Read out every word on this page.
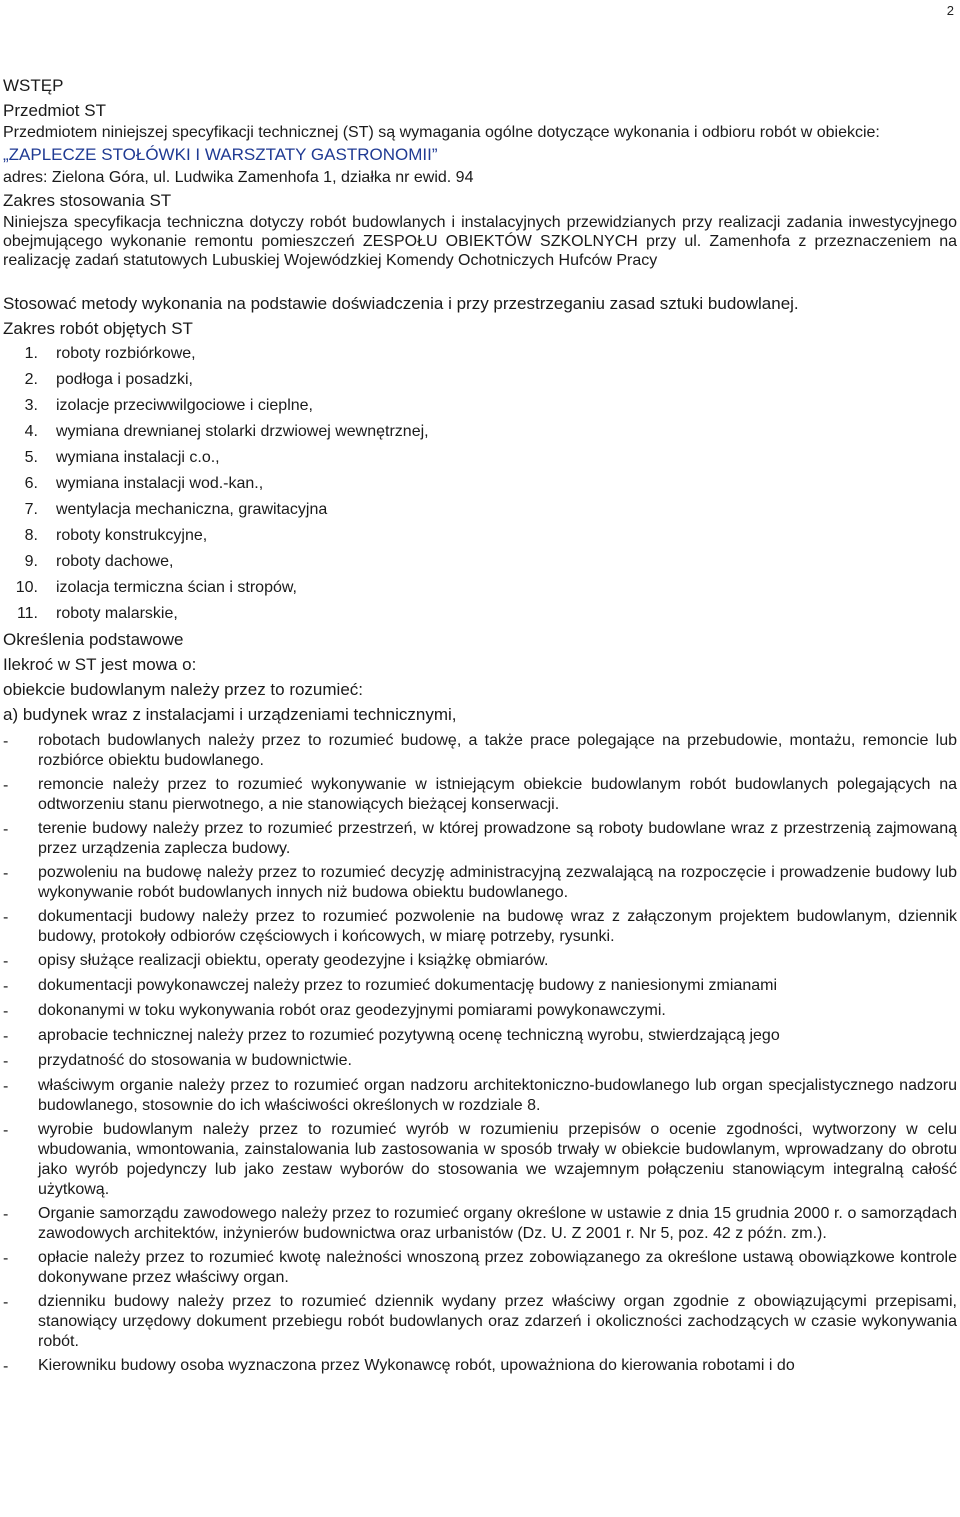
2

WSTĘP

Przedmiot ST

Przedmiotem niniejszej specyfikacji technicznej (ST) są wymagania ogólne dotyczące wykonania i odbioru robót w obiekcie:

„ZAPLECZE STOŁÓWKI I WARSZTATY GASTRONOMII”

adres: Zielona Góra, ul. Ludwika Zamenhofa 1, działka nr ewid. 94

Zakres stosowania ST

Niniejsza specyfikacja techniczna dotyczy robót budowlanych i instalacyjnych przewidzianych przy realizacji zadania inwestycyjnego obejmującego wykonanie remontu pomieszczeń ZESPOŁU OBIEKTÓW SZKOLNYCH przy ul. Zamenhofa z przeznaczeniem na realizację zadań statutowych Lubuskiej Wojewódzkiej Komendy Ochotniczych Hufców Pracy

Stosować metody wykonania na podstawie doświadczenia i przy przestrzeganiu zasad sztuki budowlanej.

Zakres robót objętych ST

1.	roboty rozbiórkowe,
2.	podłoga i posadzki,
3.	izolacje przeciwwilgociowe i cieplne,
4.	wymiana drewnianej stolarki drzwiowej wewnętrznej,
5.	wymiana instalacji c.o.,
6.	wymiana instalacji wod.-kan.,
7.	wentylacja mechaniczna, grawitacyjna
8.	roboty konstrukcyjne,
9.	roboty dachowe,
10.	izolacja termiczna ścian i stropów,
11.	roboty malarskie,

Określenia podstawowe

Ilekroć w ST jest mowa o:

obiekcie budowlanym należy przez to rozumieć:

a) budynek wraz z instalacjami i urządzeniami technicznymi,

-	robotach budowlanych należy przez to rozumieć budowę, a także prace polegające na przebudowie, montażu, remoncie lub rozbiórce obiektu budowlanego.
-	remoncie należy przez to rozumieć wykonywanie w istniejącym obiekcie budowlanym robót budowlanych polegających na odtworzeniu stanu pierwotnego, a nie stanowiących bieżącej konserwacji.
-	terenie budowy należy przez to rozumieć przestrzeń, w której prowadzone są roboty budowlane wraz z przestrzenią zajmowaną przez urządzenia zaplecza budowy.
-	pozwoleniu na budowę należy przez to rozumieć decyzję administracyjną zezwalającą na rozpoczęcie i prowadzenie budowy lub wykonywanie robót budowlanych innych niż budowa obiektu budowlanego.
-	dokumentacji budowy należy przez to rozumieć pozwolenie na budowę wraz z załączonym projektem budowlanym, dziennik budowy, protokoły odbiorów częściowych i końcowych, w miarę potrzeby, rysunki.
-	opisy służące realizacji obiektu, operaty geodezyjne i książkę obmiarów.
-	dokumentacji powykonawczej należy przez to rozumieć dokumentację budowy z naniesionymi zmianami
-	dokonanymi w toku wykonywania robót oraz geodezyjnymi pomiarami powykonawczymi.
-	aprobacie technicznej należy przez to rozumieć pozytywną ocenę techniczną wyrobu, stwierdzającą jego
-	przydatność do stosowania w budownictwie.
-	właściwym organie należy przez to rozumieć organ nadzoru architektoniczno-budowlanego lub organ specjalistycznego nadzoru budowlanego, stosownie do ich właściwości określonych w rozdziale 8.
-	wyrobie budowlanym należy przez to rozumieć wyrób w rozumieniu przepisów o ocenie zgodności, wytworzony w celu wbudowania, wmontowania, zainstalowania lub zastosowania w sposób trwały w obiekcie budowlanym, wprowadzany do obrotu jako wyrób pojedynczy lub jako zestaw wyborów do stosowania we wzajemnym połączeniu stanowiącym integralną całość użytkową.
-	Organie samorządu zawodowego należy przez to rozumieć organy określone w ustawie z dnia 15 grudnia 2000 r. o samorządach zawodowych architektów, inżynierów budownictwa oraz urbanistów (Dz. U. Z 2001 r. Nr 5, poz. 42 z późn. zm.).
-	opłacie należy przez to rozumieć kwotę należności wnoszoną przez zobowiązanego za określone ustawą obowiązkowe kontrole dokonywane przez właściwy organ.
-	dzienniku budowy należy przez to rozumieć dziennik wydany przez właściwy organ zgodnie z obowiązującymi przepisami, stanowiący urzędowy dokument przebiegu robót budowlanych oraz zdarzeń i okoliczności zachodzących w czasie wykonywania robót.
-	Kierowniku budowy osoba wyznaczona przez Wykonawcę robót, upoważniona do kierowania robotami i do
